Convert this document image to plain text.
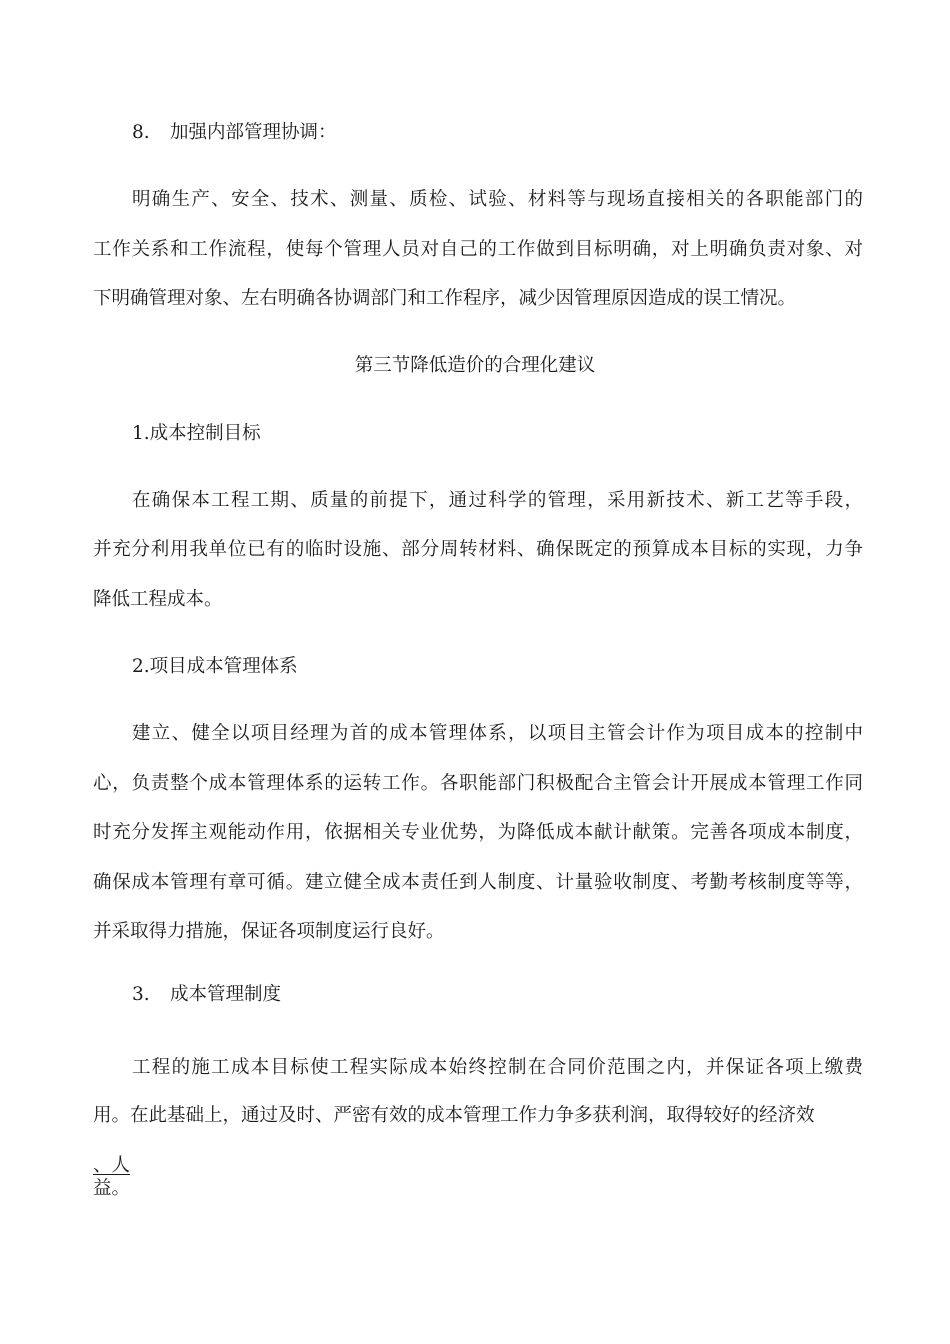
8. 加强内部管理协调：
明确生产、安全、技术、测量、质检、试验、材料等与现场直接相关的各职能部门的
工作关系和工作流程，使每个管理人员对自己的工作做到目标明确，对上明确负责对象、对
下明确管理对象、左右明确各协调部门和工作程序，减少因管理原因造成的误工情况。
第三节降低造价的合理化建议
1.成本控制目标
在确保本工程工期、质量的前提下，通过科学的管理，采用新技术、新工艺等手段，
并充分利用我单位已有的临时设施、部分周转材料、确保既定的预算成本目标的实现，力争
降低工程成本。
2.项目成本管理体系
建立、健全以项目经理为首的成本管理体系，以项目主管会计作为项目成本的控制中
心，负责整个成本管理体系的运转工作。各职能部门积极配合主管会计开展成本管理工作同
时充分发挥主观能动作用，依据相关专业优势，为降低成本献计献策。完善各项成本制度，
确保成本管理有章可循。建立健全成本责任到人制度、计量验收制度、考勤考核制度等等，
并采取得力措施，保证各项制度运行良好。
3. 成本管理制度
工程的施工成本目标使工程实际成本始终控制在合同价范围之内，并保证各项上缴费
用。在此基础上，通过及时、严密有效的成本管理工作力争多获利润，取得较好的经济效
、人
益。
